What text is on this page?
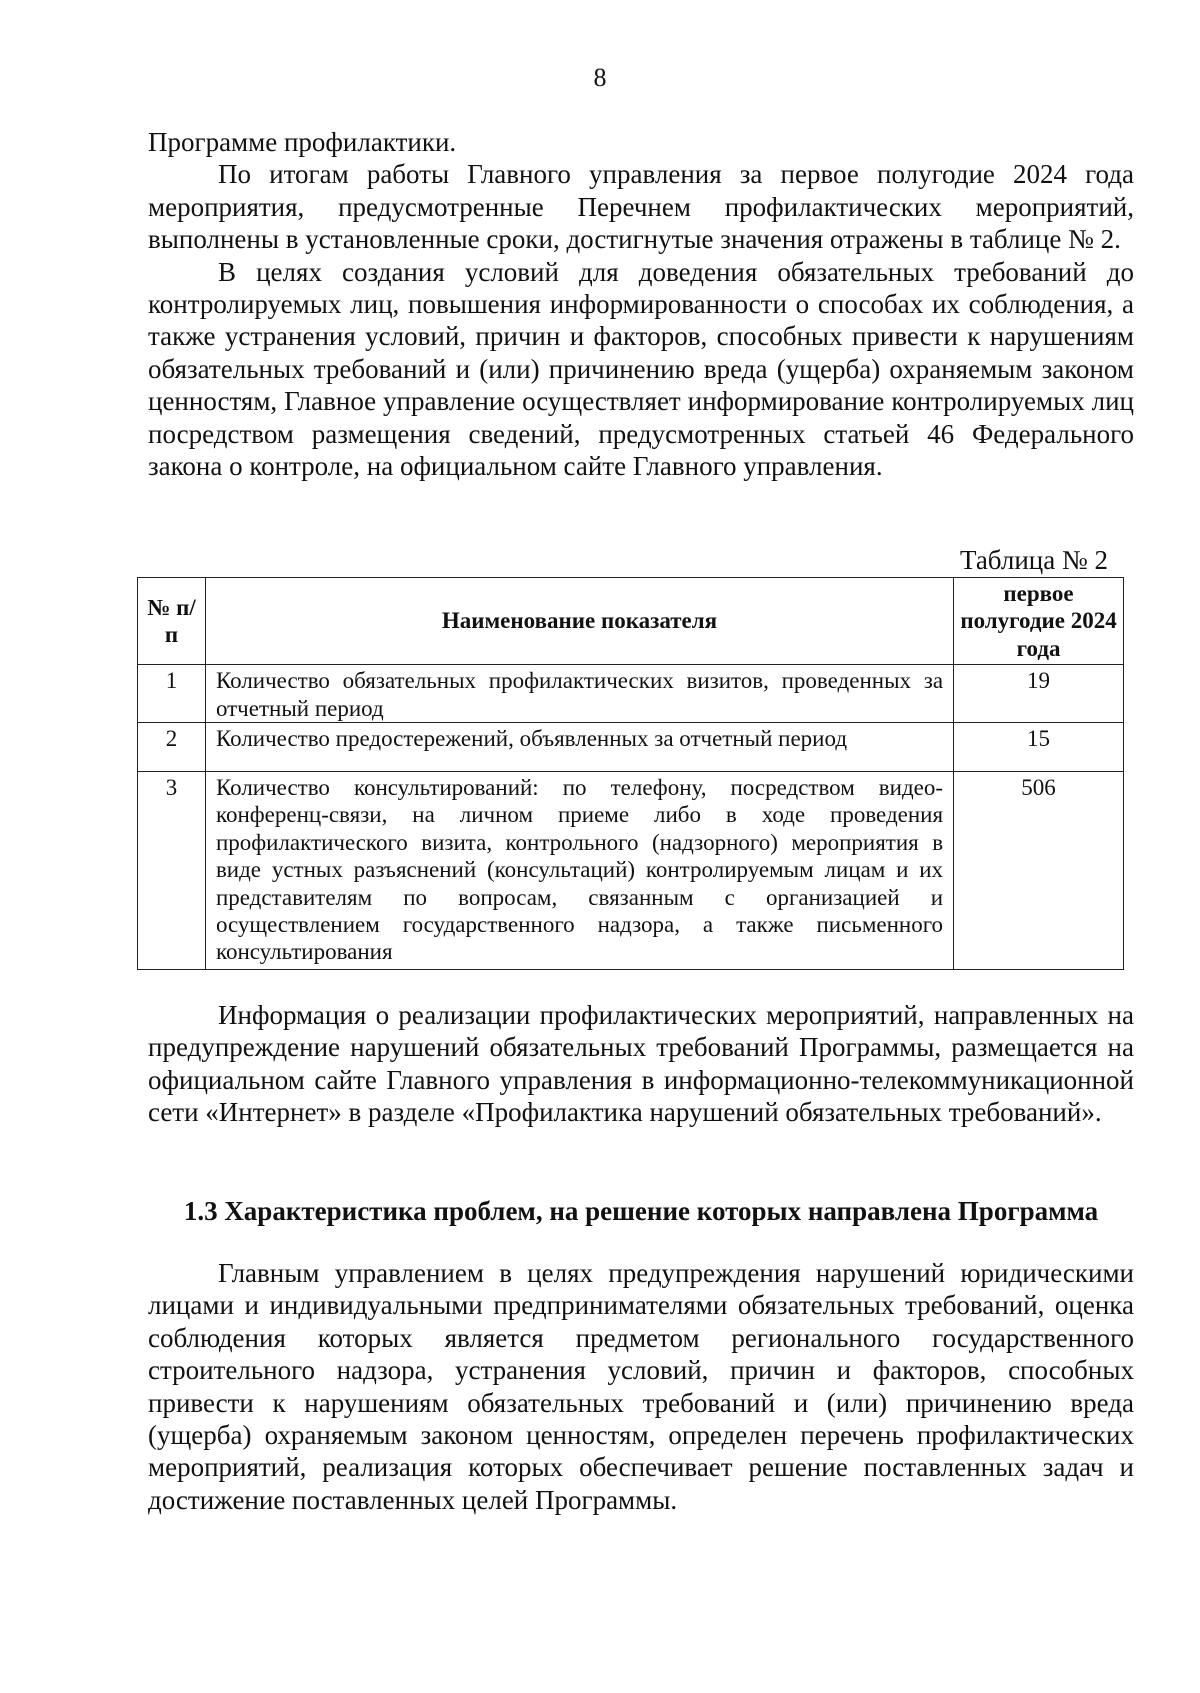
8

Программе профилактики.

По итогам работы Главного управления за первое полугодие 2024 года мероприятия, предусмотренные Перечнем профилактических мероприятий, выполнены в установленные сроки, достигнутые значения отражены в таблице № 2.

В целях создания условий для доведения обязательных требований до контролируемых лиц, повышения информированности о способах их соблюдения, а также устранения условий, причин и факторов, способных привести к нарушениям обязательных требований и (или) причинению вреда (ущерба) охраняемым законом ценностям, Главное управление осуществляет информирование контролируемых лиц посредством размещения сведений, предусмотренных статьей 46 Федерального закона о контроле, на официальном сайте Главного управления.

Таблица № 2
№ п/п	Наименование показателя	первое полугодие 2024 года
1	Количество обязательных профилактических визитов, проведенных за отчетный период	19
2	Количество предостережений, объявленных за отчетный период	15
3	Количество консультирований: по телефону, посредством видео-конференц-связи, на личном приеме либо в ходе проведения профилактического визита, контрольного (надзорного) мероприятия в виде устных разъяснений (консультаций) контролируемым лицам и их представителям по вопросам, связанным с организацией и осуществлением государственного надзора, а также письменного консультирования	506

Информация о реализации профилактических мероприятий, направленных на предупреждение нарушений обязательных требований Программы, размещается на официальном сайте Главного управления в информационно-телекоммуникационной сети «Интернет» в разделе «Профилактика нарушений обязательных требований».

1.3 Характеристика проблем, на решение которых направлена Программа

Главным управлением в целях предупреждения нарушений юридическими лицами и индивидуальными предпринимателями обязательных требований, оценка соблюдения которых является предметом регионального государственного строительного надзора, устранения условий, причин и факторов, способных привести к нарушениям обязательных требований и (или) причинению вреда (ущерба) охраняемым законом ценностям, определен перечень профилактических мероприятий, реализация которых обеспечивает решение поставленных задач и достижение поставленных целей Программы.
